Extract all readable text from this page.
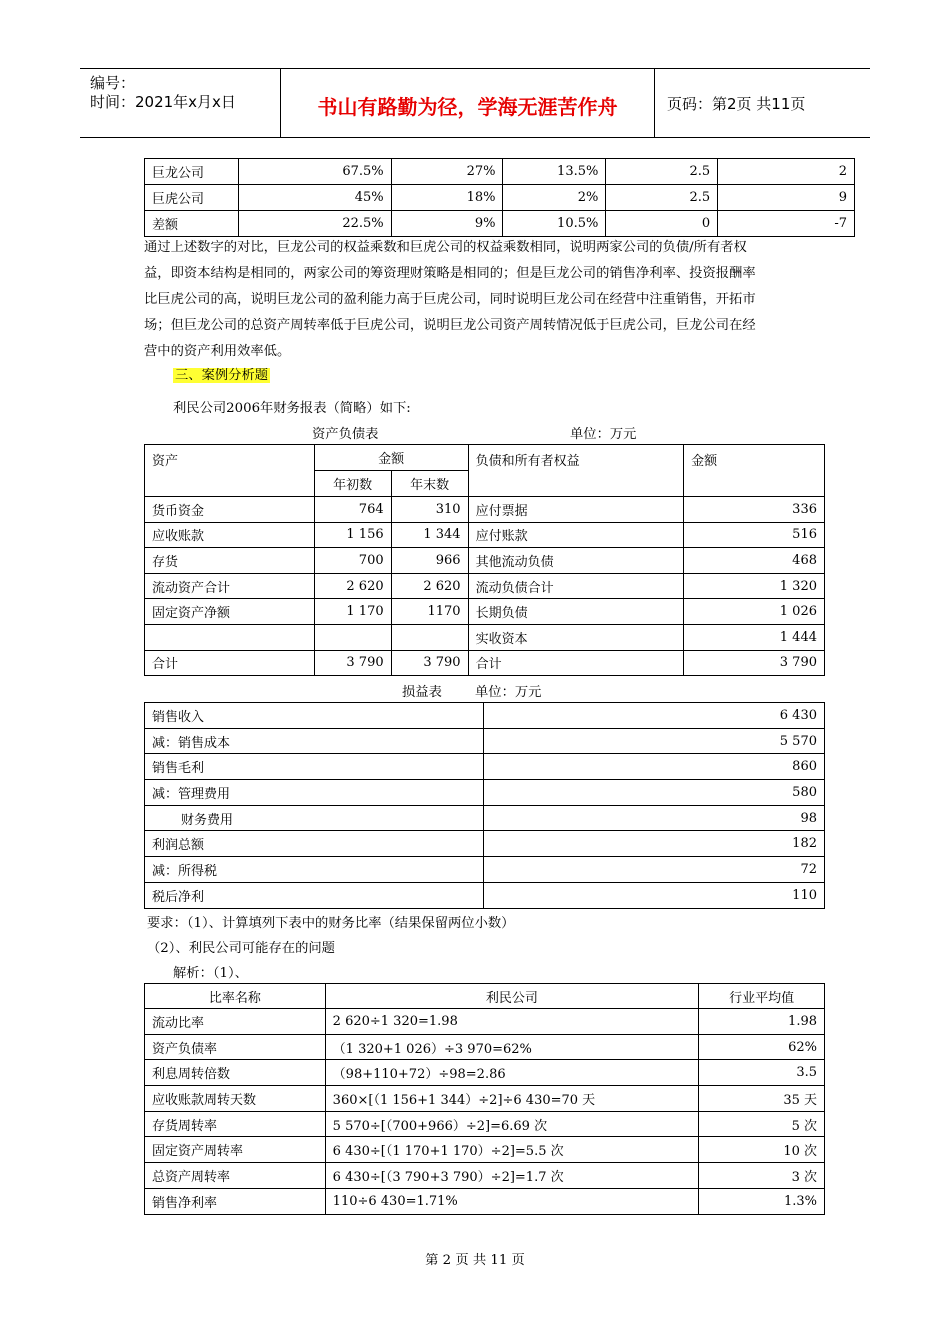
编号：
时间：2021年x月x日	书山有路勤为径，学海无涯苦作舟	页码：第2页 共11页
巨龙公司	67.5%	27%	13.5%	2.5	2
巨虎公司	45%	18%	2%	2.5	9
差额	22.5%	9%	10.5%	0	-7
通过上述数字的对比，巨龙公司的权益乘数和巨虎公司的权益乘数相同，说明两家公司的负债/所有者权
益，即资本结构是相同的，两家公司的筹资理财策略是相同的；但是巨龙公司的销售净利率、投资报酬率
比巨虎公司的高，说明巨龙公司的盈利能力高于巨虎公司，同时说明巨龙公司在经营中注重销售，开拓市
场；但巨龙公司的总资产周转率低于巨虎公司，说明巨龙公司资产周转情况低于巨虎公司，巨龙公司在经
营中的资产利用效率低。
三、案例分析题
利民公司2006年财务报表（简略）如下:
资产负债表	单位：万元
资产	金额		负债和所有者权益	金额
	年初数	年末数		
货币资金	764	310	应付票据	336
应收账款	1 156	1 344	应付账款	516
存货	700	966	其他流动负债	468
流动资产合计	2 620	2 620	流动负债合计	1 320
固定资产净额	1 170	1170	长期负债	1 026
			实收资本	1 444
合计	3 790	3 790	合计	3 790
损益表 单位：万元
销售收入	6 430
减：销售成本	5 570
销售毛利	860
减：管理费用	580
财务费用	98
利润总额	182
减：所得税	72
税后净利	110
要求：（1）、计算填列下表中的财务比率（结果保留两位小数）
（2）、利民公司可能存在的问题
解析：（1）、
比率名称	利民公司	行业平均值
流动比率	2 620÷1 320=1.98	1.98
资产负债率	（1 320+1 026）÷3 970=62%	62%
利息周转倍数	（98+110+72）÷98=2.86	3.5
应收账款周转天数	360×[（1 156+1 344）÷2]÷6 430=70 天	35 天
存货周转率	5 570÷[（700+966）÷2]=6.69 次	5 次
固定资产周转率	6 430÷[（1 170+1 170）÷2]=5.5 次	10 次
总资产周转率	6 430÷[（3 790+3 790）÷2]=1.7 次	3 次
销售净利率	110÷6 430=1.71%	1.3%
第 2 页 共 11 页
